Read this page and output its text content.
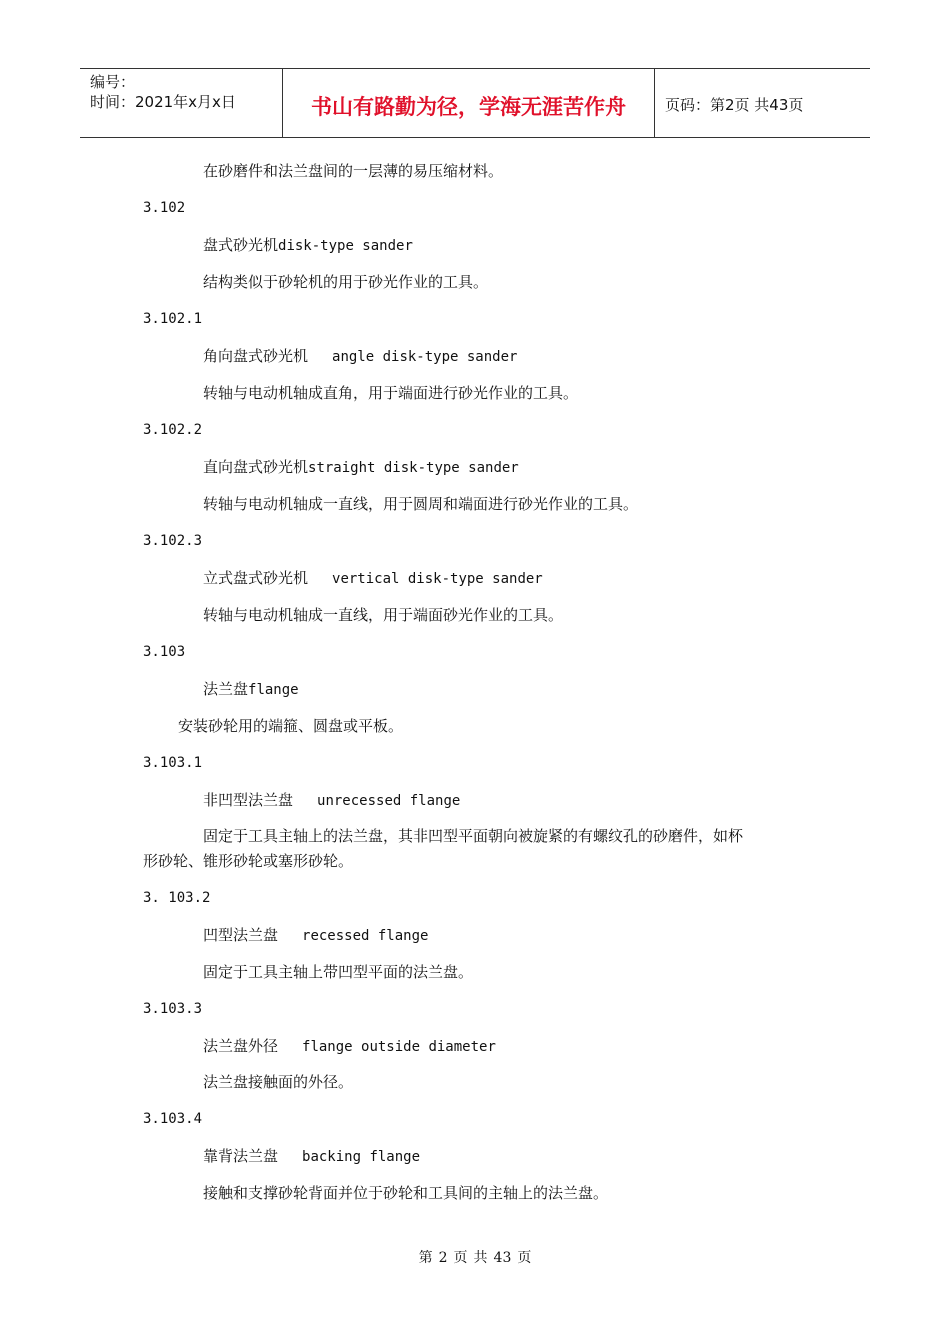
编号：
时间：2021年x月x日	书山有路勤为径，学海无涯苦作舟	页码：第2页 共43页
在砂磨件和法兰盘间的一层薄的易压缩材料。
3.102
盘式砂光机disk-type sander
结构类似于砂轮机的用于砂光作业的工具。
3.102.1
角向盘式砂光机 angle disk-type sander
转轴与电动机轴成直角，用于端面进行砂光作业的工具。
3.102.2
直向盘式砂光机straight disk-type sander
转轴与电动机轴成一直线，用于圆周和端面进行砂光作业的工具。
3.102.3
立式盘式砂光机 vertical disk-type sander
转轴与电动机轴成一直线，用于端面砂光作业的工具。
3.103
法兰盘flange
安装砂轮用的端箍、圆盘或平板。
3.103.1
非凹型法兰盘 unrecessed flange
固定于工具主轴上的法兰盘，其非凹型平面朝向被旋紧的有螺纹孔的砂磨件，如杯
形砂轮、锥形砂轮或塞形砂轮。
3. 103.2
凹型法兰盘 recessed flange
固定于工具主轴上带凹型平面的法兰盘。
3.103.3
法兰盘外径 flange outside diameter
法兰盘接触面的外径。
3.103.4
靠背法兰盘 backing flange
接触和支撑砂轮背面并位于砂轮和工具间的主轴上的法兰盘。
第 2 页 共 43 页
